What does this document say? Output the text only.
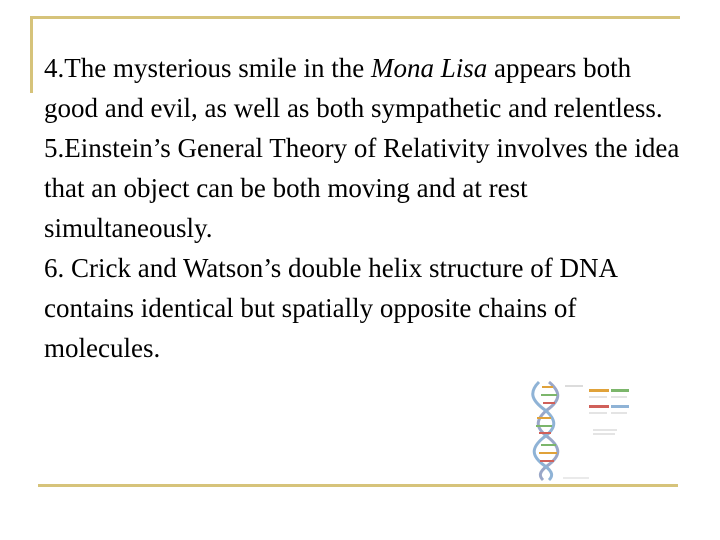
4.The mysterious smile in the Mona Lisa appears both good and evil, as well as both sympathetic and relentless.

5.Einstein’s General Theory of Relativity involves the idea that an object can be both moving and at rest simultaneously.

6. Crick and Watson’s double helix structure of DNA contains identical but spatially opposite chains of molecules.
